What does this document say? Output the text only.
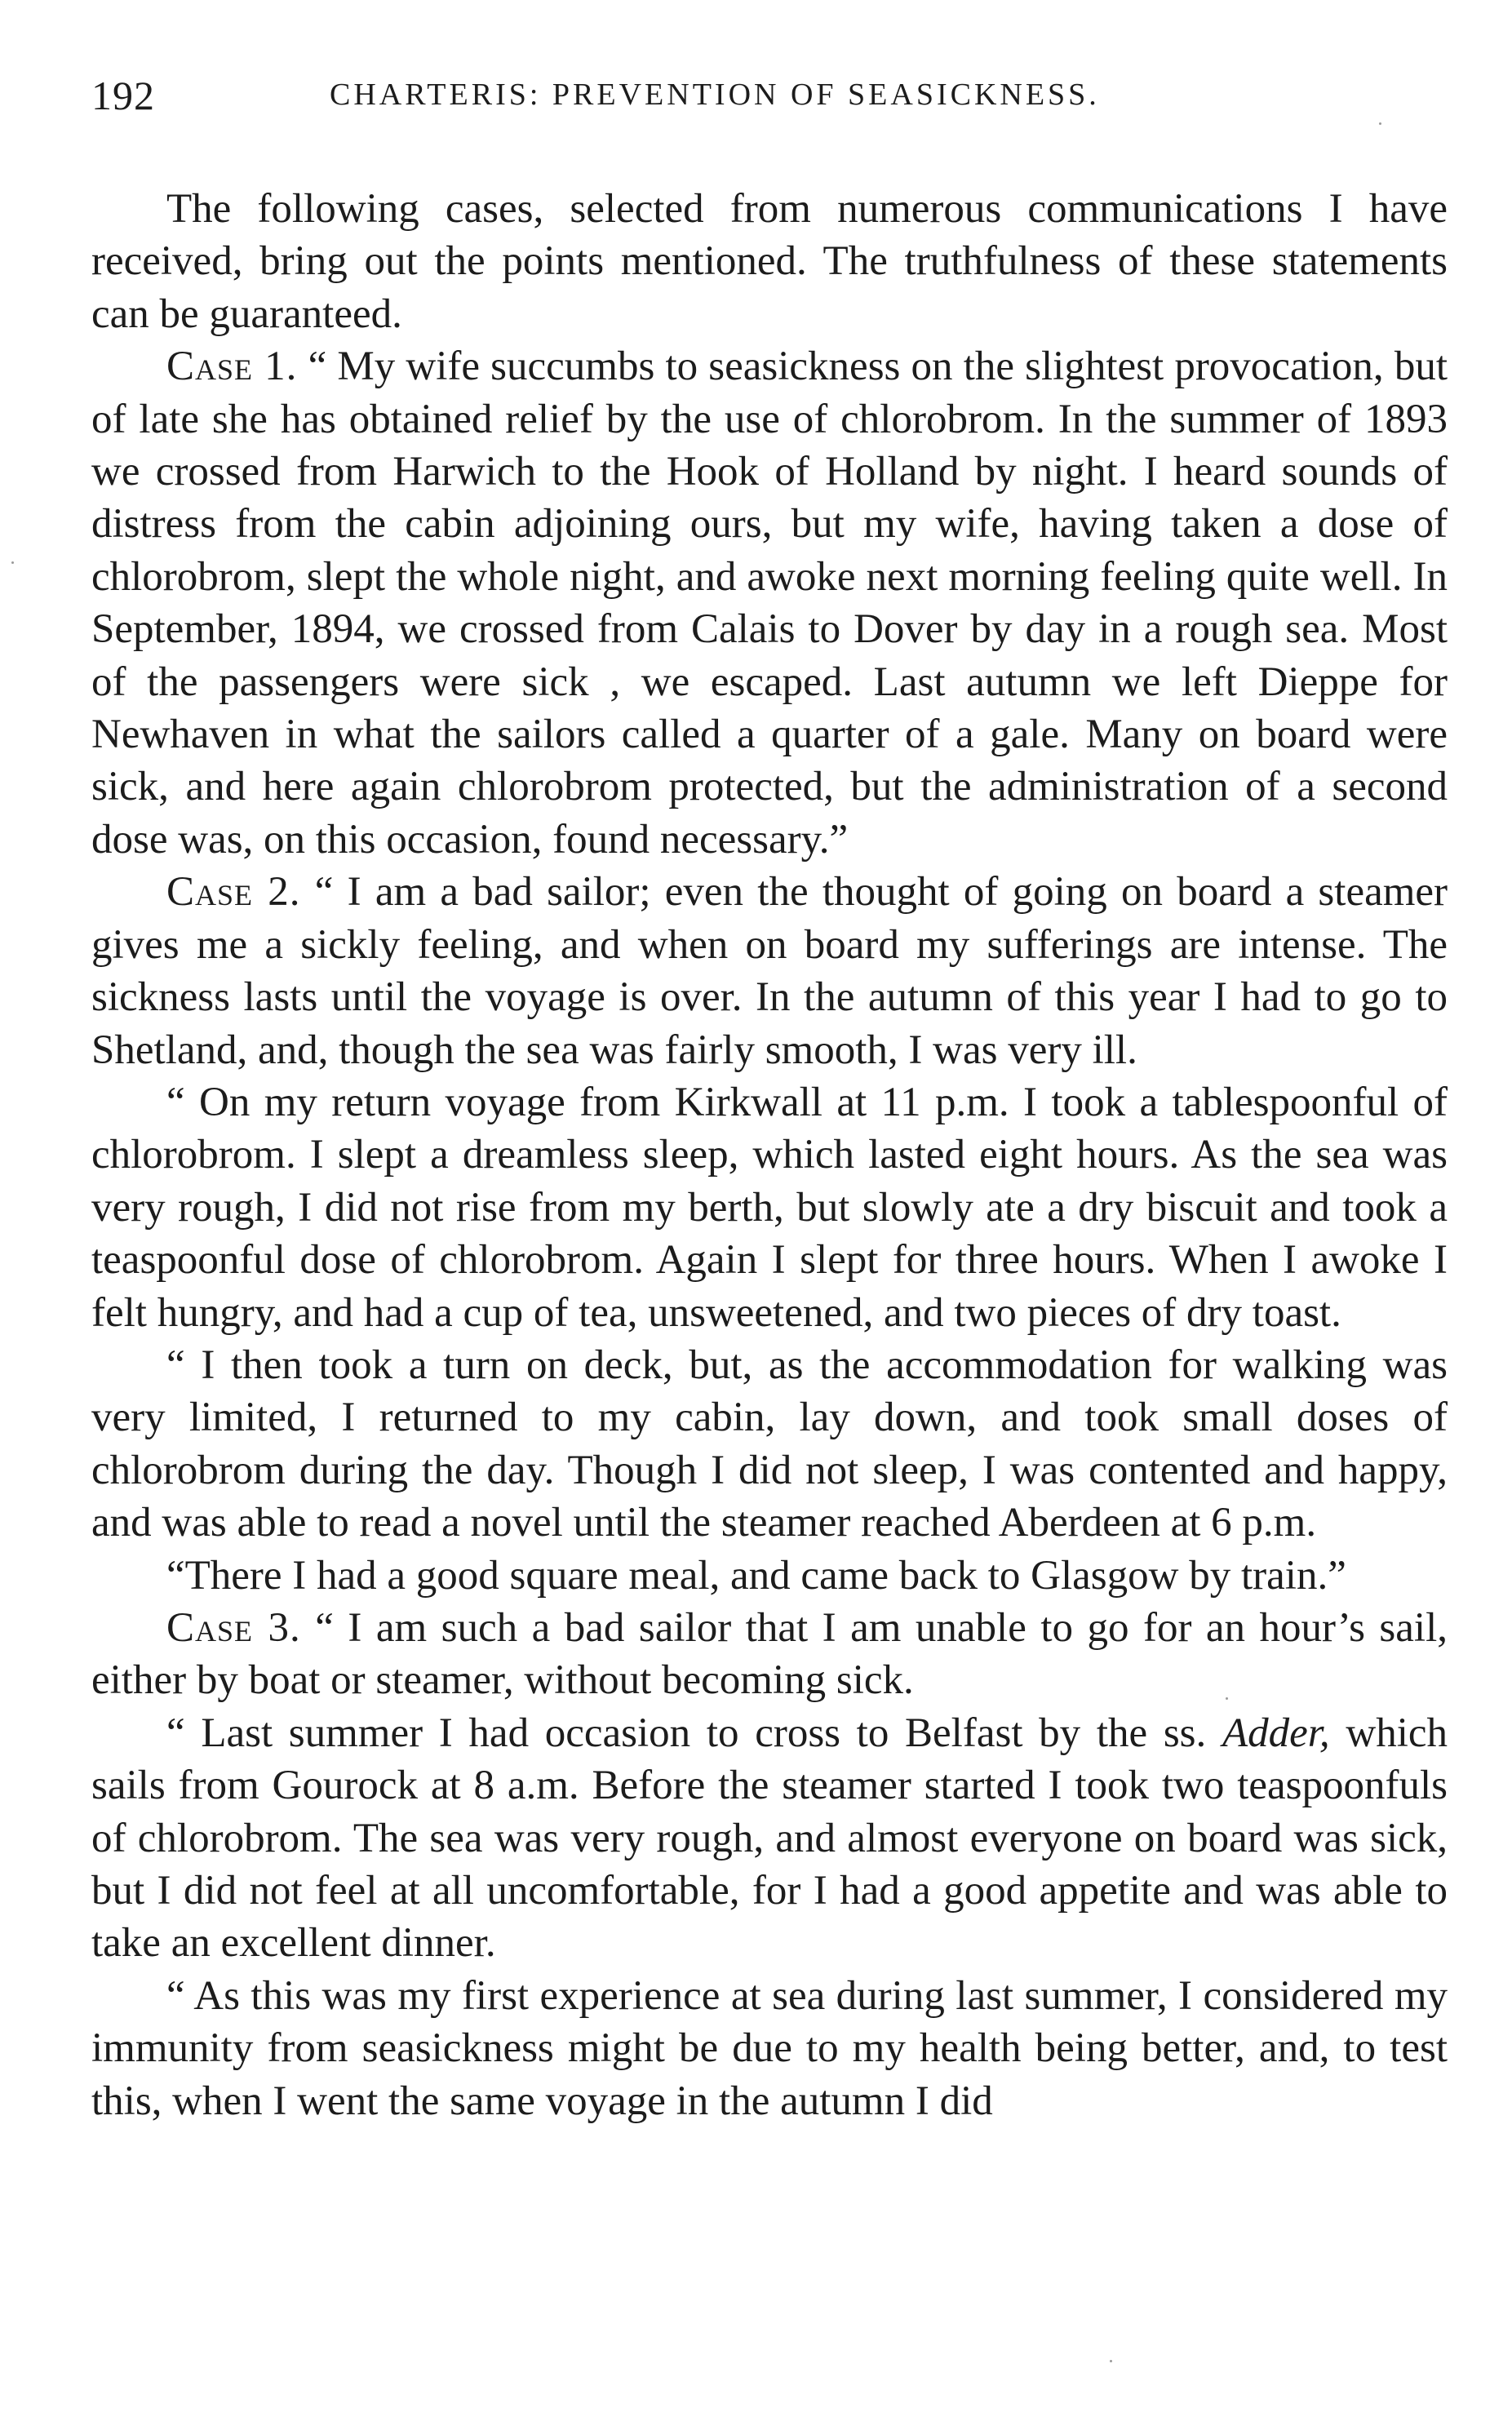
192	CHARTERIS: PREVENTION OF SEASICKNESS.

The following cases, selected from numerous communications I have received, bring out the points mentioned. The truthfulness of these statements can be guaranteed.

Case 1. “ My wife succumbs to seasickness on the slightest provocation, but of late she has obtained relief by the use of chlorobrom. In the summer of 1893 we crossed from Harwich to the Hook of Holland by night. I heard sounds of distress from the cabin adjoining ours, but my wife, having taken a dose of chlorobrom, slept the whole night, and awoke next morning feeling quite well. In September, 1894, we crossed from Calais to Dover by day in a rough sea. Most of the passengers were sick , we escaped. Last autumn we left Dieppe for Newhaven in what the sailors called a quarter of a gale. Many on board were sick, and here again chlorobrom protected, but the administration of a second dose was, on this occasion, found necessary.”

Case 2. “ I am a bad sailor; even the thought of going on board a steamer gives me a sickly feeling, and when on board my sufferings are intense. The sickness lasts until the voyage is over. In the autumn of this year I had to go to Shetland, and, though the sea was fairly smooth, I was very ill.

“ On my return voyage from Kirkwall at 11 p.m. I took a tablespoonful of chlorobrom. I slept a dreamless sleep, which lasted eight hours. As the sea was very rough, I did not rise from my berth, but slowly ate a dry biscuit and took a teaspoonful dose of chlorobrom. Again I slept for three hours. When I awoke I felt hungry, and had a cup of tea, unsweetened, and two pieces of dry toast.

“ I then took a turn on deck, but, as the accommodation for walking was very limited, I returned to my cabin, lay down, and took small doses of chlorobrom during the day. Though I did not sleep, I was contented and happy, and was able to read a novel until the steamer reached Aberdeen at 6 p.m.

“There I had a good square meal, and came back to Glasgow by train.”

Case 3. “ I am such a bad sailor that I am unable to go for an hour’s sail, either by boat or steamer, without becoming sick.

“ Last summer I had occasion to cross to Belfast by the ss. Adder, which sails from Gourock at 8 a.m. Before the steamer started I took two teaspoonfuls of chlorobrom. The sea was very rough, and almost everyone on board was sick, but I did not feel at all uncomfortable, for I had a good appetite and was able to take an excellent dinner.

“ As this was my first experience at sea during last summer, I considered my immunity from seasickness might be due to my health being better, and, to test this, when I went the same voyage in the autumn I did
